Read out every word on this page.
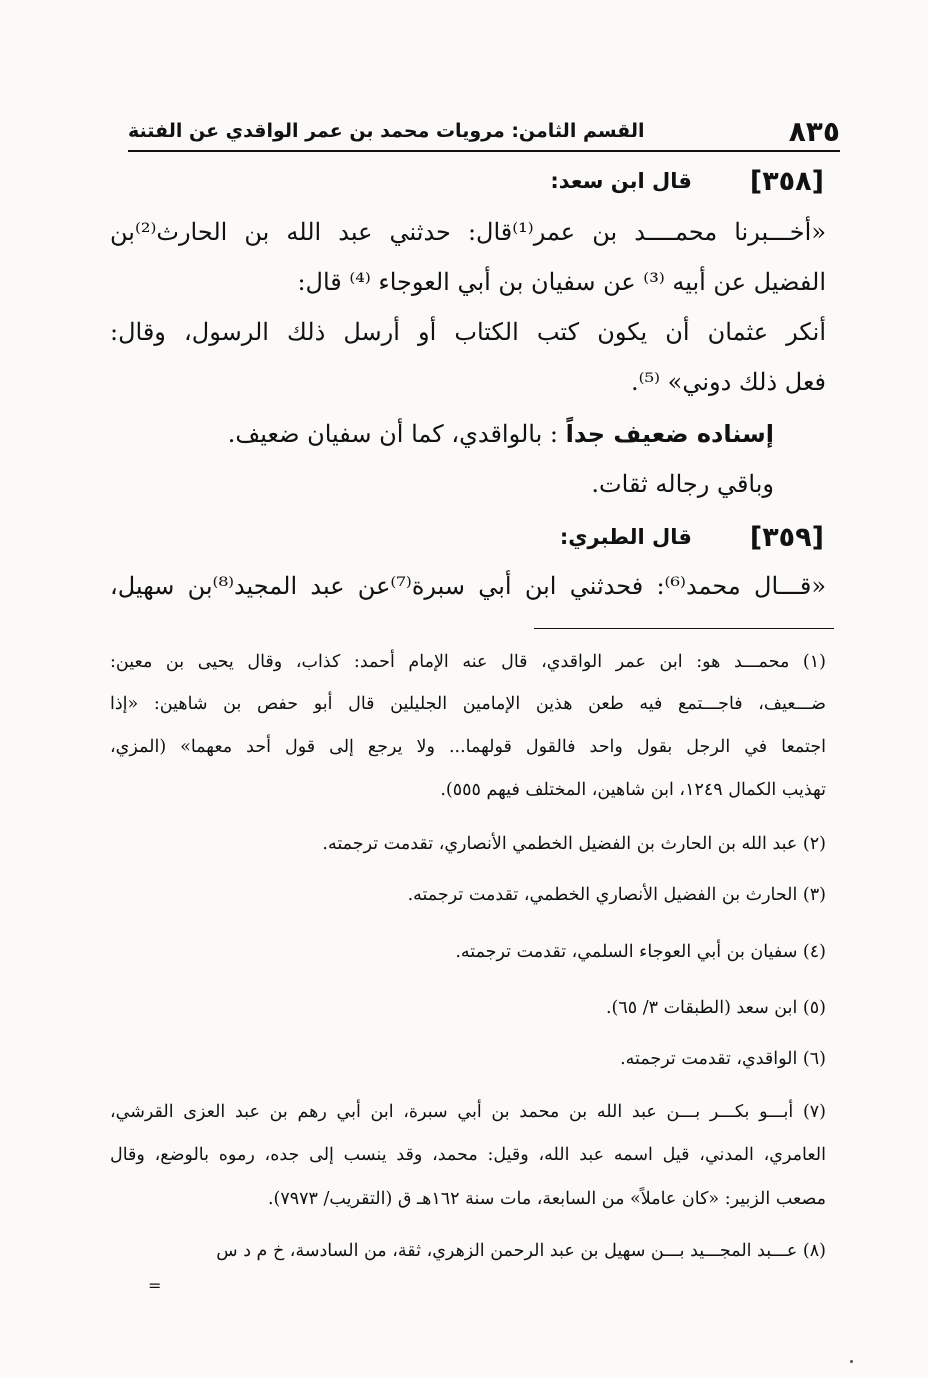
٨٣٥
القسم الثامن: مرويات محمد بن عمر الواقدي عن الفتنة
[٣٥٨]
قال ابن سعد:
«أخـــبرنا محمــــد بن عمر⁽¹⁾قال: حدثني عبد الله بن الحارث⁽²⁾بن
الفضيل عن أبيه ⁽³⁾ عن سفيان بن أبي العوجاء ⁽⁴⁾ قال:
أنكر عثمان أن يكون كتب الكتاب أو أرسل ذلك الرسول، وقال:
فعل ذلك دوني» ⁽⁵⁾.
إسناده ضعيف جداً : بالواقدي، كما أن سفيان ضعيف.
وباقي رجاله ثقات.
[٣٥٩]
قال الطبري:
«قـــال محمد⁽⁶⁾: فحدثني ابن أبي سبرة⁽⁷⁾عن عبد المجيد⁽⁸⁾بن سهيل،
(١) محمـــد هو: ابن عمر الواقدي، قال عنه الإمام أحمد: كذاب، وقال يحيى بن معين:
ضـــعيف، فاجـــتمع فيه طعن هذين الإمامين الجليلين قال أبو حفص بن شاهين: «إذا
اجتمعا في الرجل بقول واحد فالقول قولهما... ولا يرجع إلى قول أحد معهما» (المزي،
تهذيب الكمال ١٢٤٩، ابن شاهين، المختلف فيهم ٥٥٥).
(٢) عبد الله بن الحارث بن الفضيل الخطمي الأنصاري، تقدمت ترجمته.
(٣) الحارث بن الفضيل الأنصاري الخطمي، تقدمت ترجمته.
(٤) سفيان بن أبي العوجاء السلمي، تقدمت ترجمته.
(٥) ابن سعد (الطبقات ٣/ ٦٥).
(٦) الواقدي، تقدمت ترجمته.
(٧) أبـــو بكـــر بـــن عبد الله بن محمد بن أبي سبرة، ابن أبي رهم بن عبد العزى القرشي،
العامري، المدني، قيل اسمه عبد الله، وقيل: محمد، وقد ينسب إلى جده، رموه بالوضع، وقال
مصعب الزبير: «كان عاملاً» من السابعة، مات سنة ١٦٢هـ ق (التقريب/ ٧٩٧٣).
(٨) عـــبد المجـــيد بـــن سهيل بن عبد الرحمن الزهري، ثقة، من السادسة، خ م د س
=
